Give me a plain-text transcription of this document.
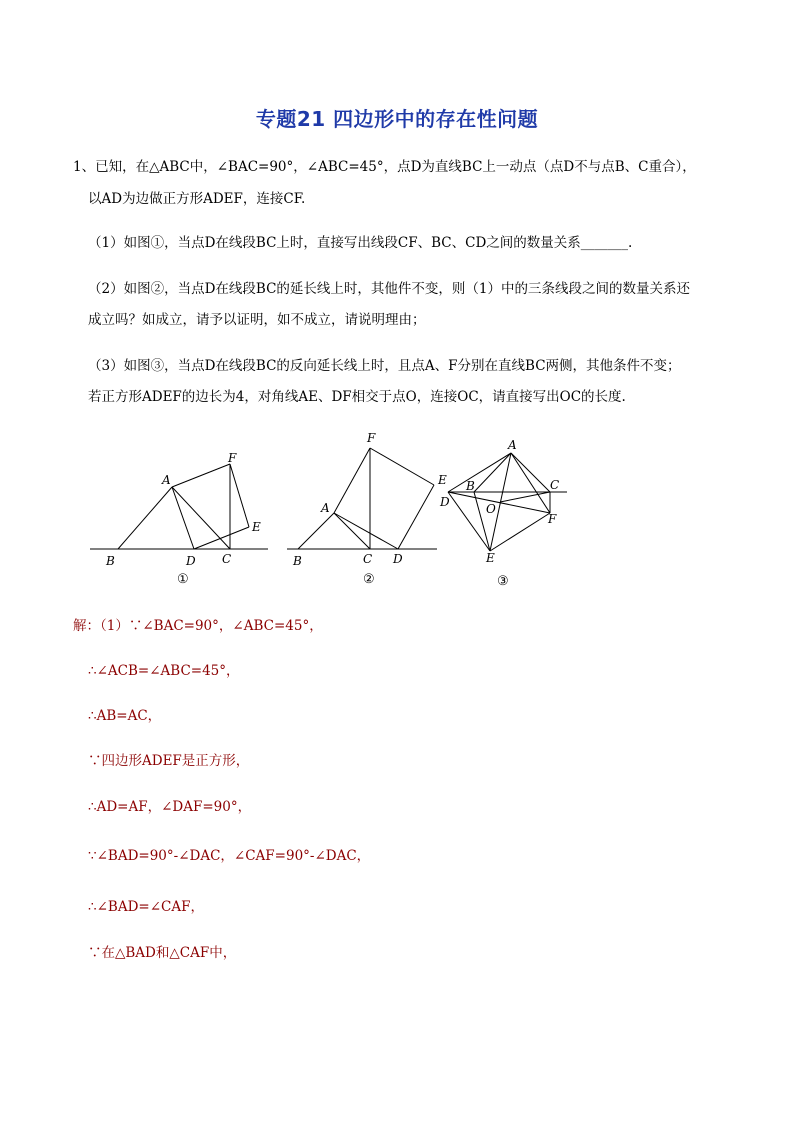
专题21 四边形中的存在性问题
1、已知，在△ABC中，∠BAC=90°，∠ABC=45°，点D为直线BC上一动点（点D不与点B、C重合），
以AD为边做正方形ADEF，连接CF.
（1）如图①，当点D在线段BC上时，直接写出线段CF、BC、CD之间的数量关系_______.
（2）如图②，当点D在线段BC的延长线上时，其他件不变，则（1）中的三条线段之间的数量关系还
成立吗？如成立，请予以证明，如不成立，请说明理由；
（3）如图③，当点D在线段BC的反向延长线上时，且点A、F分别在直线BC两侧，其他条件不变；
若正方形ADEF的边长为4，对角线AE、DF相交于点O，连接OC，请直接写出OC的长度.
A
B	C
D
E
F
①
A
B	C D
E
F
②
A
B	C
D
E
F
O
③
解：（1）∵∠BAC=90°，∠ABC=45°，
∴∠ACB=∠ABC=45°，
∴AB=AC，
∵四边形ADEF是正方形，
∴AD=AF，∠DAF=90°，
∵∠BAD=90°-∠DAC，∠CAF=90°-∠DAC，
∴∠BAD=∠CAF，
∵在△BAD和△CAF中，
